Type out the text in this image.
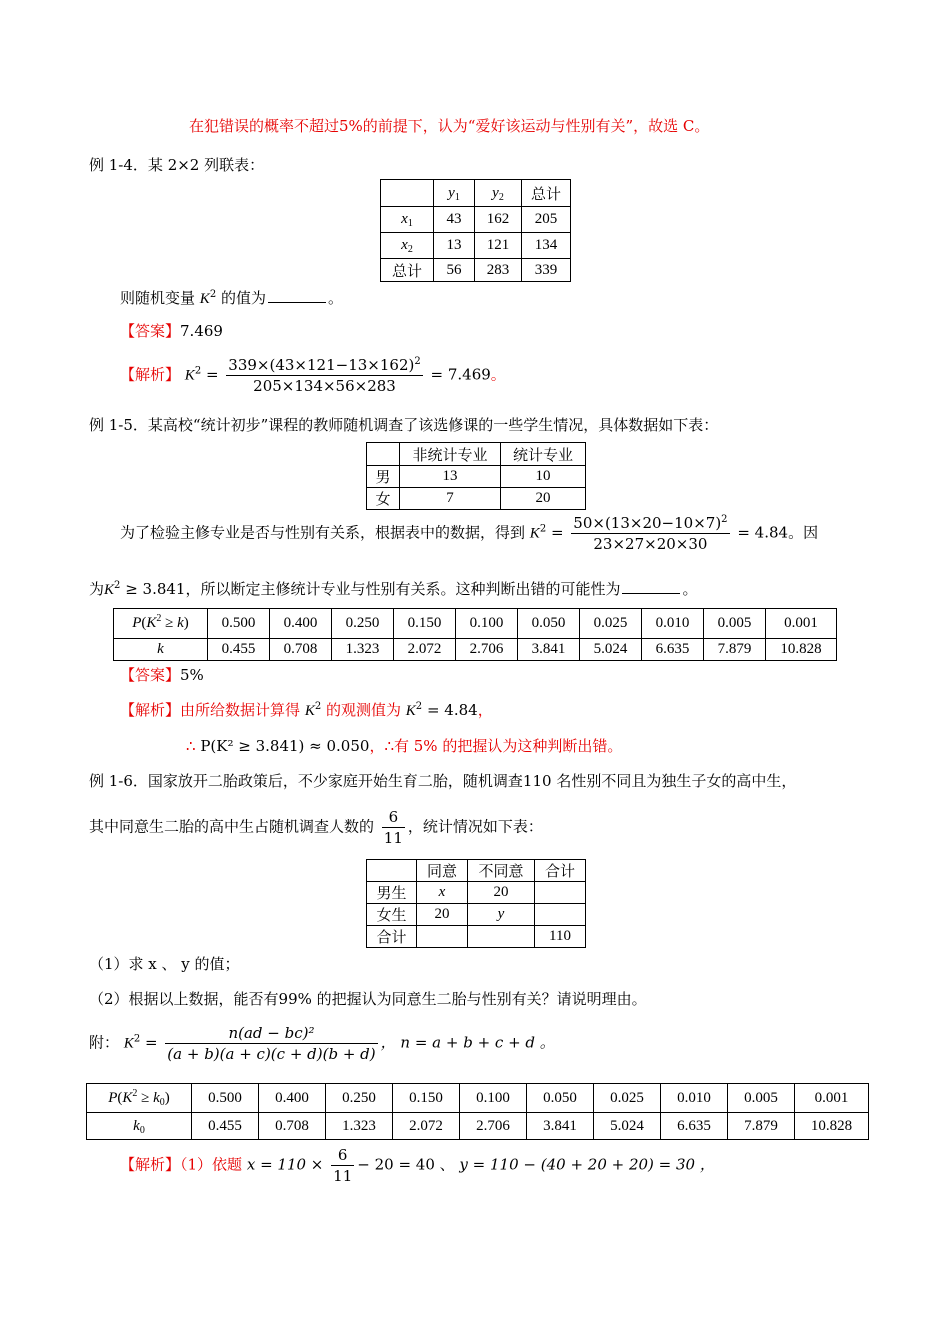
在犯错误的概率不超过5%的前提下，认为“爱好该运动与性别有关”，故选 C。
例 1-4．某 2×2 列联表：
	$y_1$	$y_2$	总计
$x_1$	43	162	205
$x_2$	13	121	134
总计	56	283	339
则随机变量 $K^2$ 的值为	。
【答案】7.469
【解析】 $K^2 = \frac{339\times(43\times 121-13\times 162)^2}{205\times 134\times 56\times 283} = 7.469$。
例 1-5．某高校“统计初步”课程的教师随机调查了该选修课的一些学生情况，具体数据如下表：
	非统计专业	统计专业
男	13	10
女	7	20
为了检验主修专业是否与性别有关系，根据表中的数据，得到 $K^2 = \frac{50\times(13\times 20-10\times 7)^2}{23\times 27\times 20\times 30} = 4.84$。因
为$K^2 \ge 3.841$，所以断定主修统计专业与性别有关系。这种判断出错的可能性为	。
$P(K^2 \ge k)$	0.500	0.400	0.250	0.150	0.100	0.050	0.025	0.010	0.005	0.001
k	0.455	0.708	1.323	2.072	2.706	3.841	5.024	6.635	7.879	10.828
【答案】5%
【解析】由所给数据计算得 $K^2$ 的观测值为 $K^2 = 4.84$，
∴ P(K² ≥ 3.841) ≈ 0.050，∴有 5% 的把握认为这种判断出错。
例 1-6．国家放开二胎政策后，不少家庭开始生育二胎，随机调查110 名性别不同且为独生子女的高中生，
其中同意生二胎的高中生占随机调查人数的 $\frac{6}{11}$ ，统计情况如下表：
	同意	不同意	合计
男生	x	20	
女生	20	y	
合计			110
（1）求 x 、 y 的值；
（2）根据以上数据，能否有99% 的把握认为同意生二胎与性别有关？请说明理由。
附： $K^2 = \frac{\text{n(ad − bc)²}}{(a + b)(a + c)(c + d)(b + d)}$ ， n = a + b + c + d 。
$P(K^2 \ge k_0)$	0.500	0.400	0.250	0.150	0.100	0.050	0.025	0.010	0.005	0.001
$k_0$	0.455	0.708	1.323	2.072	2.706	3.841	5.024	6.635	7.879	10.828
【解析】（1）依题 $x = 110 \times \frac{6}{11} - 20 = 40$ 、 y = 110 − (40 + 20 + 20) = 30 ，
